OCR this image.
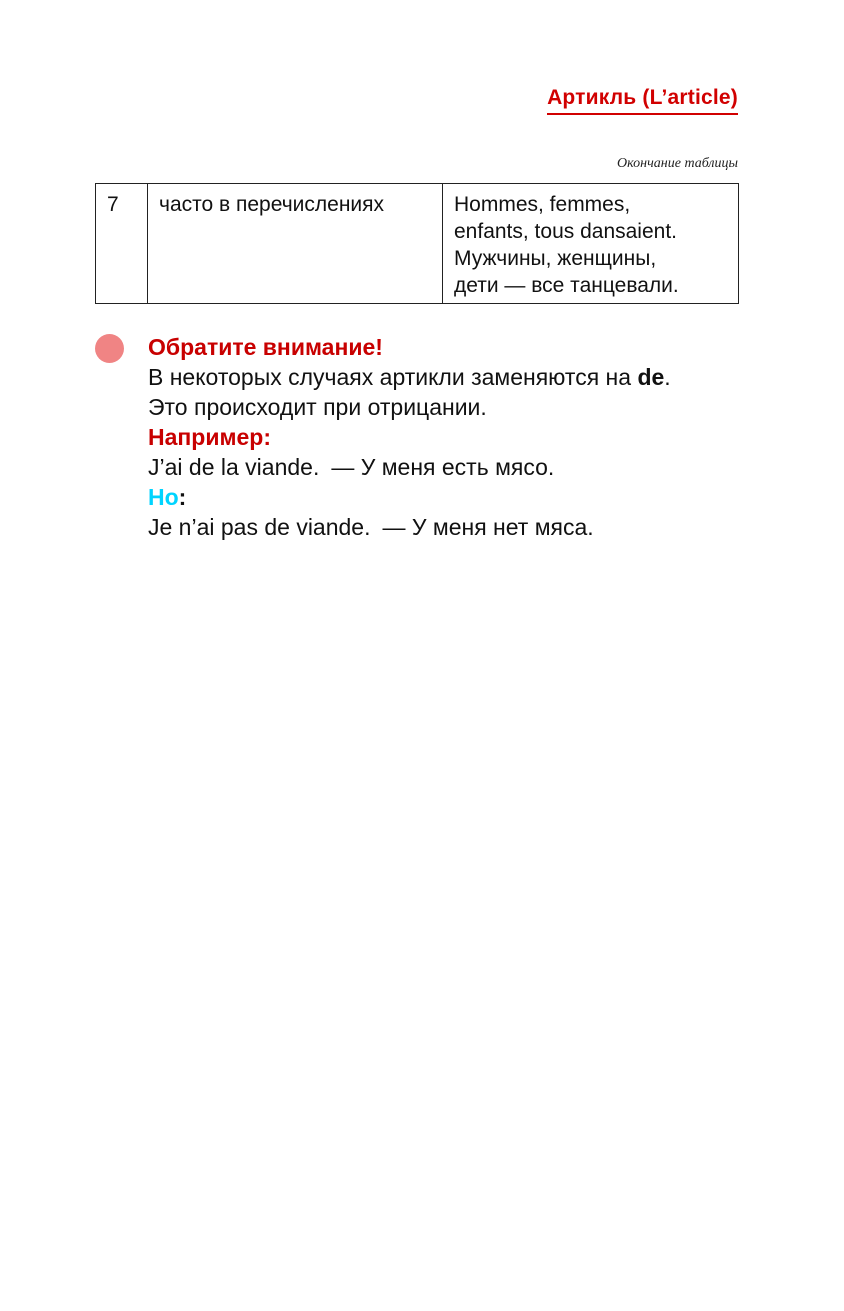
Артикль (L’article)
Окончание таблицы
7	часто в перечислениях	Hommes, femmes,
enfants, tous dansaient.
Мужчины, женщины,
дети — все танцевали.
Обратите внимание!
В некоторых случаях артикли заменяются на de.
Это происходит при отрицании.
Например:
J’ai de la viande. — У меня есть мясо.
Но:
Je n’ai pas de viande. — У меня нет мяса.
